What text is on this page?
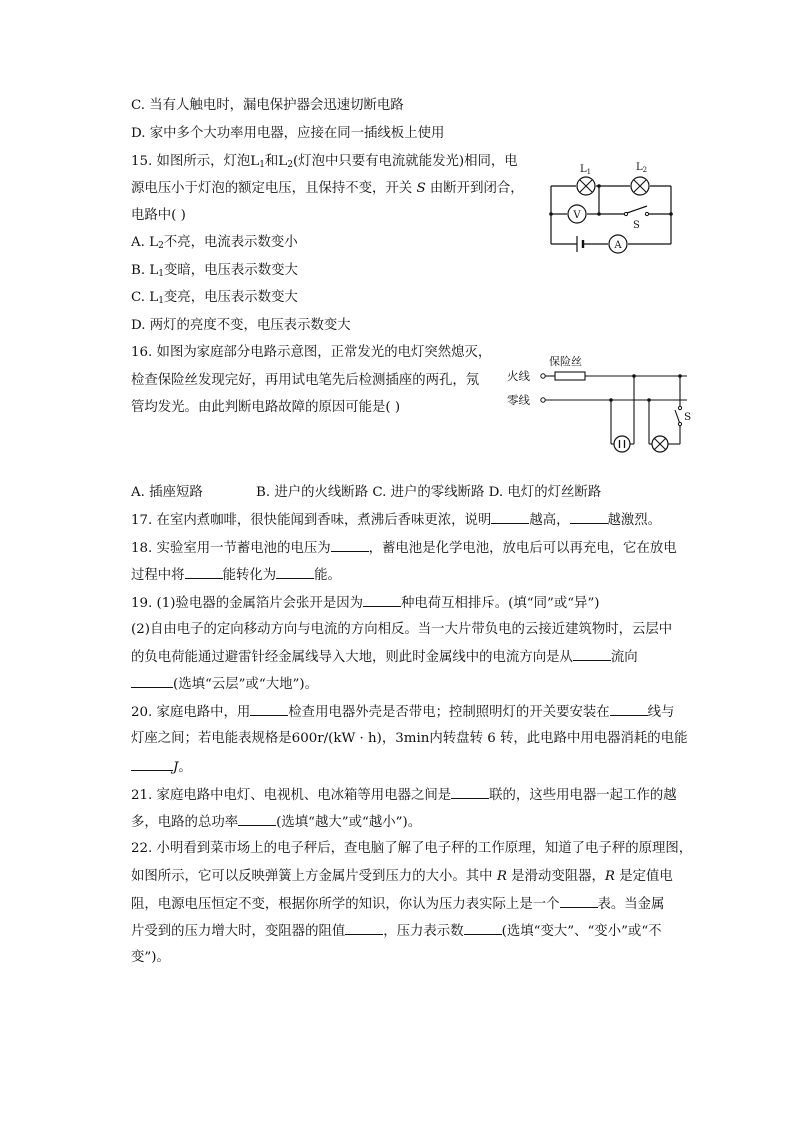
C. 当有人触电时，漏电保护器会迅速切断电路
D. 家中多个大功率用电器，应接在同一插线板上使用
15. 如图所示，灯泡$L_1$和$L_2$(灯泡中只要有电流就能发光)相同，电
源电压小于灯泡的额定电压，且保持不变，开关 S 由断开到闭合，
电路中( )
A. $L_2$不亮，电流表示数变小
B. $L_1$变暗，电压表示数变大
C. $L_1$变亮，电压表示数变大
D. 两灯的亮度不变，电压表示数变大
$L_1$	$L_2$
V
A
S
16. 如图为家庭部分电路示意图，正常发光的电灯突然熄灭，
检查保险丝发现完好，再用试电笔先后检测插座的两孔，氖
管均发光。由此判断电路故障的原因可能是( )
火线
零线
保险丝
S
A. 插座短路	B. 进户的火线断路 C. 进户的零线断路 D. 电灯的灯丝断路
17. 在室内煮咖啡，很快能闻到香味，煮沸后香味更浓，说明	越高，	越激烈。
18. 实验室用一节蓄电池的电压为	，蓄电池是化学电池，放电后可以再充电，它在放电
过程中将	能转化为	能。
19. (1)验电器的金属箔片会张开是因为	种电荷互相排斥。(填“同”或“异”)
(2)自由电子的定向移动方向与电流的方向相反。当一大片带负电的云接近建筑物时，云层中
的负电荷能通过避雷针经金属线导入大地，则此时金属线中的电流方向是从	流向
(选填“云层”或“大地”)。
20. 家庭电路中，用	检查用电器外壳是否带电；控制照明灯的开关要安装在	线与
灯座之间；若电能表规格是600r/(kW · h)，3min内转盘转 6 转，此电路中用电器消耗的电能
J。
21. 家庭电路中电灯、电视机、电冰箱等用电器之间是	联的，这些用电器一起工作的越
多，电路的总功率	(选填“越大”或“越小”)。
22. 小明看到菜市场上的电子秤后，查电脑了解了电子秤的工作原理，知道了电子秤的原理图，
如图所示，它可以反映弹簧上方金属片受到压力的大小。其中 R 是滑动变阻器，R 是定值电
阻，电源电压恒定不变，根据你所学的知识，你认为压力表实际上是一个	表。当金属
片受到的压力增大时，变阻器的阻值	，压力表示数	(选填“变大”、“变小”或“不
变”)。
